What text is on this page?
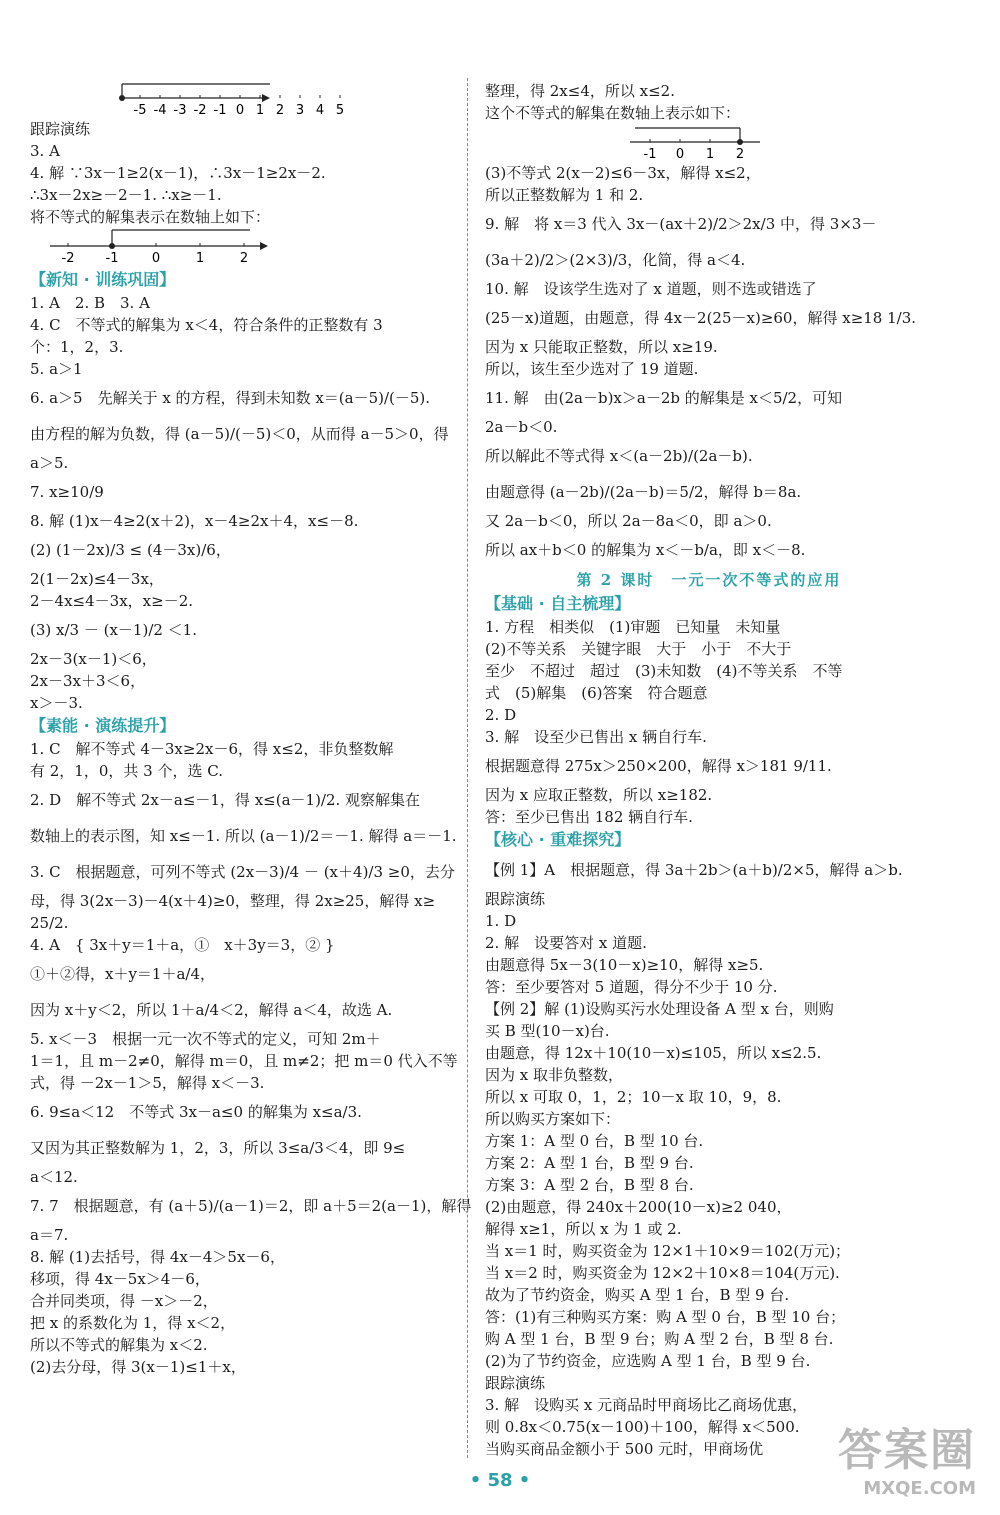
-5 -4 -3 -2 -1 0 1 2 3 4 5
跟踪演练
3. A
4. 解 ∵3x－1≥2(x－1)，∴3x－1≥2x－2.
∴3x－2x≥－2－1. ∴x≥－1.
将不等式的解集表示在数轴上如下：
-2 -1	0	1	2
【新知 · 训练巩固】
1. A　2. B　3. A
4. C　不等式的解集为 x＜4，符合条件的正整数有 3
个：1，2，3.
5. a＞1
6. a＞5　先解关于 x 的方程，得到未知数 x＝(a－5)/(－5).
由方程的解为负数，得 (a－5)/(－5)＜0，从而得 a－5＞0，得
a＞5.
7. x≥10/9
8. 解 (1)x－4≥2(x＋2)，x－4≥2x＋4，x≤－8.
(2) (1－2x)/3 ≤ (4－3x)/6，
2(1－2x)≤4－3x，
2－4x≤4－3x，x≥－2.
(3) x/3 － (x－1)/2 ＜1.
2x－3(x－1)＜6，
2x－3x＋3＜6，
x＞－3.
【素能 · 演练提升】
1. C　解不等式 4－3x≥2x－6，得 x≤2，非负整数解
有 2，1，0，共 3 个，选 C.
2. D　解不等式 2x－a≤－1，得 x≤(a－1)/2. 观察解集在
数轴上的表示图，知 x≤－1. 所以 (a－1)/2＝－1. 解得 a＝－1.
3. C　根据题意，可列不等式 (2x－3)/4 － (x＋4)/3 ≥0，去分
母，得 3(2x－3)－4(x＋4)≥0，整理，得 2x≥25，解得 x≥
25/2.
4. A　{ 3x＋y＝1＋a，①　x＋3y＝3，② }
①＋②得，x＋y＝1＋a/4，
因为 x＋y＜2，所以 1＋a/4＜2，解得 a＜4，故选 A.
5. x＜－3　根据一元一次不等式的定义，可知 2m＋
1＝1，且 m－2≠0，解得 m＝0，且 m≠2；把 m＝0 代入不等
式，得 －2x－1＞5，解得 x＜－3.
6. 9≤a＜12　不等式 3x－a≤0 的解集为 x≤a/3.
又因为其正整数解为 1，2，3，所以 3≤a/3＜4，即 9≤
a＜12.
7. 7　根据题意，有 (a＋5)/(a－1)＝2，即 a＋5＝2(a－1)，解得
a＝7.
8. 解 (1)去括号，得 4x－4＞5x－6，
移项，得 4x－5x＞4－6，
合并同类项，得 －x＞－2，
把 x 的系数化为 1，得 x＜2，
所以不等式的解集为 x＜2.
(2)去分母，得 3(x－1)≤1＋x，
整理，得 2x≤4，所以 x≤2.
这个不等式的解集在数轴上表示如下：
-1 0 1 2
(3)不等式 2(x－2)≤6－3x，解得 x≤2，
所以正整数解为 1 和 2.
9. 解　将 x＝3 代入 3x－(ax＋2)/2＞2x/3 中，得 3×3－
(3a＋2)/2＞(2×3)/3，化简，得 a＜4.
10. 解　设该学生选对了 x 道题，则不选或错选了
(25－x)道题，由题意，得 4x－2(25－x)≥60，解得 x≥18 1/3.
因为 x 只能取正整数，所以 x≥19.
所以，该生至少选对了 19 道题.
11. 解　由(2a－b)x＞a－2b 的解集是 x＜5/2，可知
2a－b＜0.
所以解此不等式得 x＜(a－2b)/(2a－b).
由题意得 (a－2b)/(2a－b)＝5/2，解得 b＝8a.
又 2a－b＜0，所以 2a－8a＜0，即 a＞0.
所以 ax＋b＜0 的解集为 x＜－b/a，即 x＜－8.
第 2 课时　一元一次不等式的应用
【基础 · 自主梳理】
1. 方程　相类似　(1)审题　已知量　未知量
(2)不等关系　关键字眼　大于　小于　不大于
至少　不超过　超过　(3)未知数　(4)不等关系　不等
式　(5)解集　(6)答案　符合题意
2. D
3. 解　设至少已售出 x 辆自行车.
根据题意得 275x＞250×200，解得 x＞181 9/11.
因为 x 应取正整数，所以 x≥182.
答：至少已售出 182 辆自行车.
【核心 · 重难探究】
【例 1】A　根据题意，得 3a＋2b＞(a＋b)/2×5，解得 a＞b.
跟踪演练
1. D
2. 解　设要答对 x 道题.
由题意得 5x－3(10－x)≥10，解得 x≥5.
答：至少要答对 5 道题，得分不少于 10 分.
【例 2】解 (1)设购买污水处理设备 A 型 x 台，则购
买 B 型(10－x)台.
由题意，得 12x＋10(10－x)≤105，所以 x≤2.5.
因为 x 取非负整数，
所以 x 可取 0，1，2；10－x 取 10，9，8.
所以购买方案如下：
方案 1：A 型 0 台，B 型 10 台.
方案 2：A 型 1 台，B 型 9 台.
方案 3：A 型 2 台，B 型 8 台.
(2)由题意，得 240x＋200(10－x)≥2 040，
解得 x≥1，所以 x 为 1 或 2.
当 x＝1 时，购买资金为 12×1＋10×9＝102(万元)；
当 x＝2 时，购买资金为 12×2＋10×8＝104(万元).
故为了节约资金，购买 A 型 1 台，B 型 9 台.
答：(1)有三种购买方案：购 A 型 0 台，B 型 10 台；
购 A 型 1 台，B 型 9 台；购 A 型 2 台，B 型 8 台.
(2)为了节约资金，应选购 A 型 1 台，B 型 9 台.
跟踪演练
3. 解　设购买 x 元商品时甲商场比乙商场优惠，
则 0.8x＜0.75(x－100)＋100，解得 x＜500.
当购买商品金额小于 500 元时，甲商场优
• 58 •
答案圈
MXQE.COM
